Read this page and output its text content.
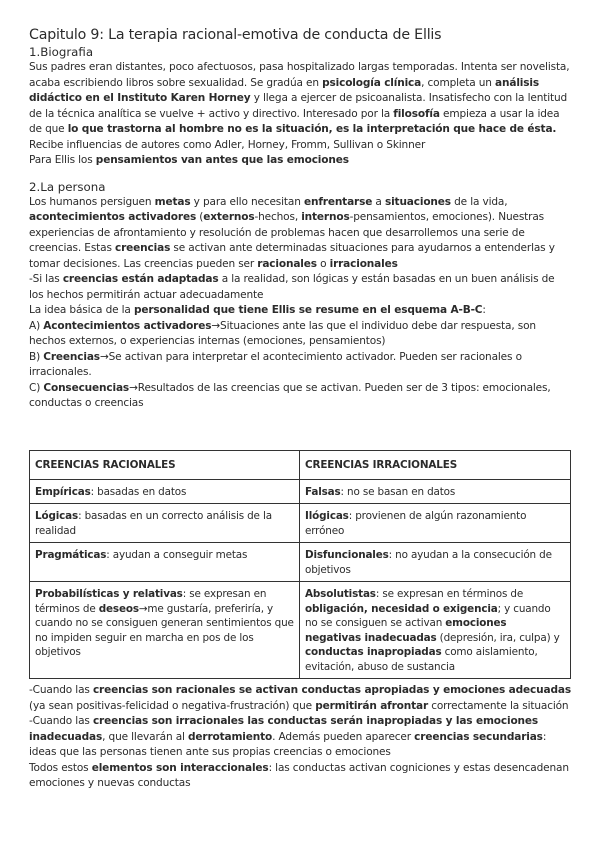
Capitulo 9: La terapia racional-emotiva de conducta de Ellis
1.Biografia

Sus padres eran distantes, poco afectuosos, pasa hospitalizado largas temporadas. Intenta ser novelista, acaba escribiendo libros sobre sexualidad. Se gradúa en psicología clínica, completa un análisis didáctico en el Instituto Karen Horney y llega a ejercer de psicoanalista. Insatisfecho con la lentitud de la técnica analítica se vuelve + activo y directivo. Interesado por la filosofía empieza a usar la idea de que lo que trastorna al hombre no es la situación, es la interpretación que hace de ésta. Recibe influencias de autores como Adler, Horney, Fromm, Sullivan o Skinner

Para Ellis los pensamientos van antes que las emociones

2.La persona

Los humanos persiguen metas y para ello necesitan enfrentarse a situaciones de la vida, acontecimientos activadores (externos-hechos, internos-pensamientos, emociones). Nuestras experiencias de afrontamiento y resolución de problemas hacen que desarrollemos una serie de creencias. Estas creencias se activan ante determinadas situaciones para ayudarnos a entenderlas y tomar decisiones. Las creencias pueden ser racionales o irracionales

-Si las creencias están adaptadas a la realidad, son lógicas y están basadas en un buen análisis de los hechos permitirán actuar adecuadamente

La idea básica de la personalidad que tiene Ellis se resume en el esquema A-B-C:

A) Acontecimientos activadores→Situaciones ante las que el individuo debe dar respuesta, son hechos externos, o experiencias internas (emociones, pensamientos)

B) Creencias→Se activan para interpretar el acontecimiento activador. Pueden ser racionales o irracionales.

C) Consecuencias→Resultados de las creencias que se activan. Pueden ser de 3 tipos: emocionales, conductas o creencias

CREENCIAS RACIONALES	CREENCIAS IRRACIONALES
Empíricas: basadas en datos	Falsas: no se basan en datos
Lógicas: basadas en un correcto análisis de la realidad	Ilógicas: provienen de algún razonamiento erróneo
Pragmáticas: ayudan a conseguir metas	Disfuncionales: no ayudan a la consecución de objetivos
Probabilísticas y relativas: se expresan en términos de deseos→me gustaría, preferiría, y cuando no se consiguen generan sentimientos que no impiden seguir en marcha en pos de los objetivos	Absolutistas: se expresan en términos de obligación, necesidad o exigencia; y cuando no se consiguen se activan emociones negativas inadecuadas (depresión, ira, culpa) y conductas inapropiadas como aislamiento, evitación, abuso de sustancia

-Cuando las creencias son racionales se activan conductas apropiadas y emociones adecuadas (ya sean positivas-felicidad o negativa-frustración) que permitirán afrontar correctamente la situación

-Cuando las creencias son irracionales las conductas serán inapropiadas y las emociones inadecuadas, que llevarán al derrotamiento. Además pueden aparecer creencias secundarias: ideas que las personas tienen ante sus propias creencias o emociones

Todos estos elementos son interaccionales: las conductas activan cogniciones y estas desencadenan emociones y nuevas conductas
